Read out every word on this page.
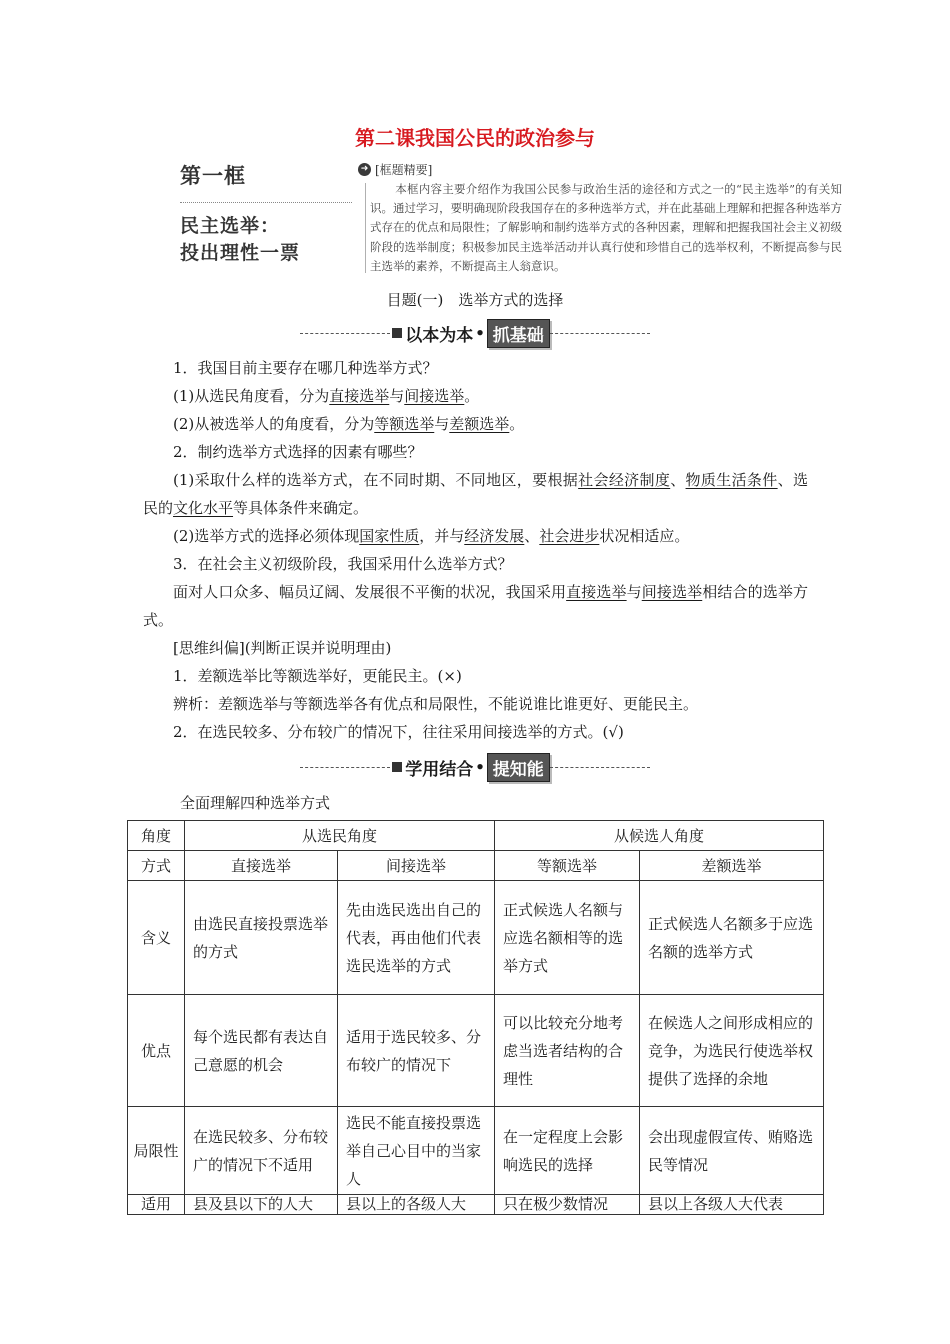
第二课我国公民的政治参与
第一框
民主选举：
投出理性一票
➜ [框题精要]
本框内容主要介绍作为我国公民参与政治生活的途径和方式之一的“民主选举”的有关知识。通过学习，要明确现阶段我国存在的多种选举方式，并在此基础上理解和把握各种选举方式存在的优点和局限性；了解影响和制约选举方式的各种因素，理解和把握我国社会主义初级阶段的选举制度；积极参加民主选举活动并认真行使和珍惜自己的选举权利，不断提高参与民主选举的素养，不断提高主人翁意识。
目题(一)　选举方式的选择
以本为本 • 抓基础

1．我国目前主要存在哪几种选举方式？

(1)从选民角度看，分为直接选举与间接选举。

(2)从被选举人的角度看，分为等额选举与差额选举。

2．制约选举方式选择的因素有哪些？

(1)采取什么样的选举方式，在不同时期、不同地区，要根据社会经济制度、物质生活条件、选民的文化水平等具体条件来确定。

(2)选举方式的选择必须体现国家性质，并与经济发展、社会进步状况相适应。

3．在社会主义初级阶段，我国采用什么选举方式？

面对人口众多、幅员辽阔、发展很不平衡的状况，我国采用直接选举与间接选举相结合的选举方式。

[思维纠偏](判断正误并说明理由)

1．差额选举比等额选举好，更能民主。(×)

辨析：差额选举与等额选举各有优点和局限性，不能说谁比谁更好、更能民主。

2．在选民较多、分布较广的情况下，往往采用间接选举的方式。(√)

学用结合 • 提知能
全面理解四种选举方式
角度	从选民角度		从候选人角度	
方式	直接选举	间接选举	等额选举	差额选举
含义	由选民直接投票选举的方式	先由选民选出自己的代表，再由他们代表选民选举的方式	正式候选人名额与应选名额相等的选举方式	正式候选人名额多于应选名额的选举方式
优点	每个选民都有表达自己意愿的机会	适用于选民较多、分布较广的情况下	可以比较充分地考虑当选者结构的合理性	在候选人之间形成相应的竞争，为选民行使选举权提供了选择的余地
局限性	在选民较多、分布较广的情况下不适用	选民不能直接投票选举自己心目中的当家人	在一定程度上会影响选民的选择	会出现虚假宣传、贿赂选民等情况
适用	县及县以下的人大	县以上的各级人大	只在极少数情况	县以上各级人大代表
